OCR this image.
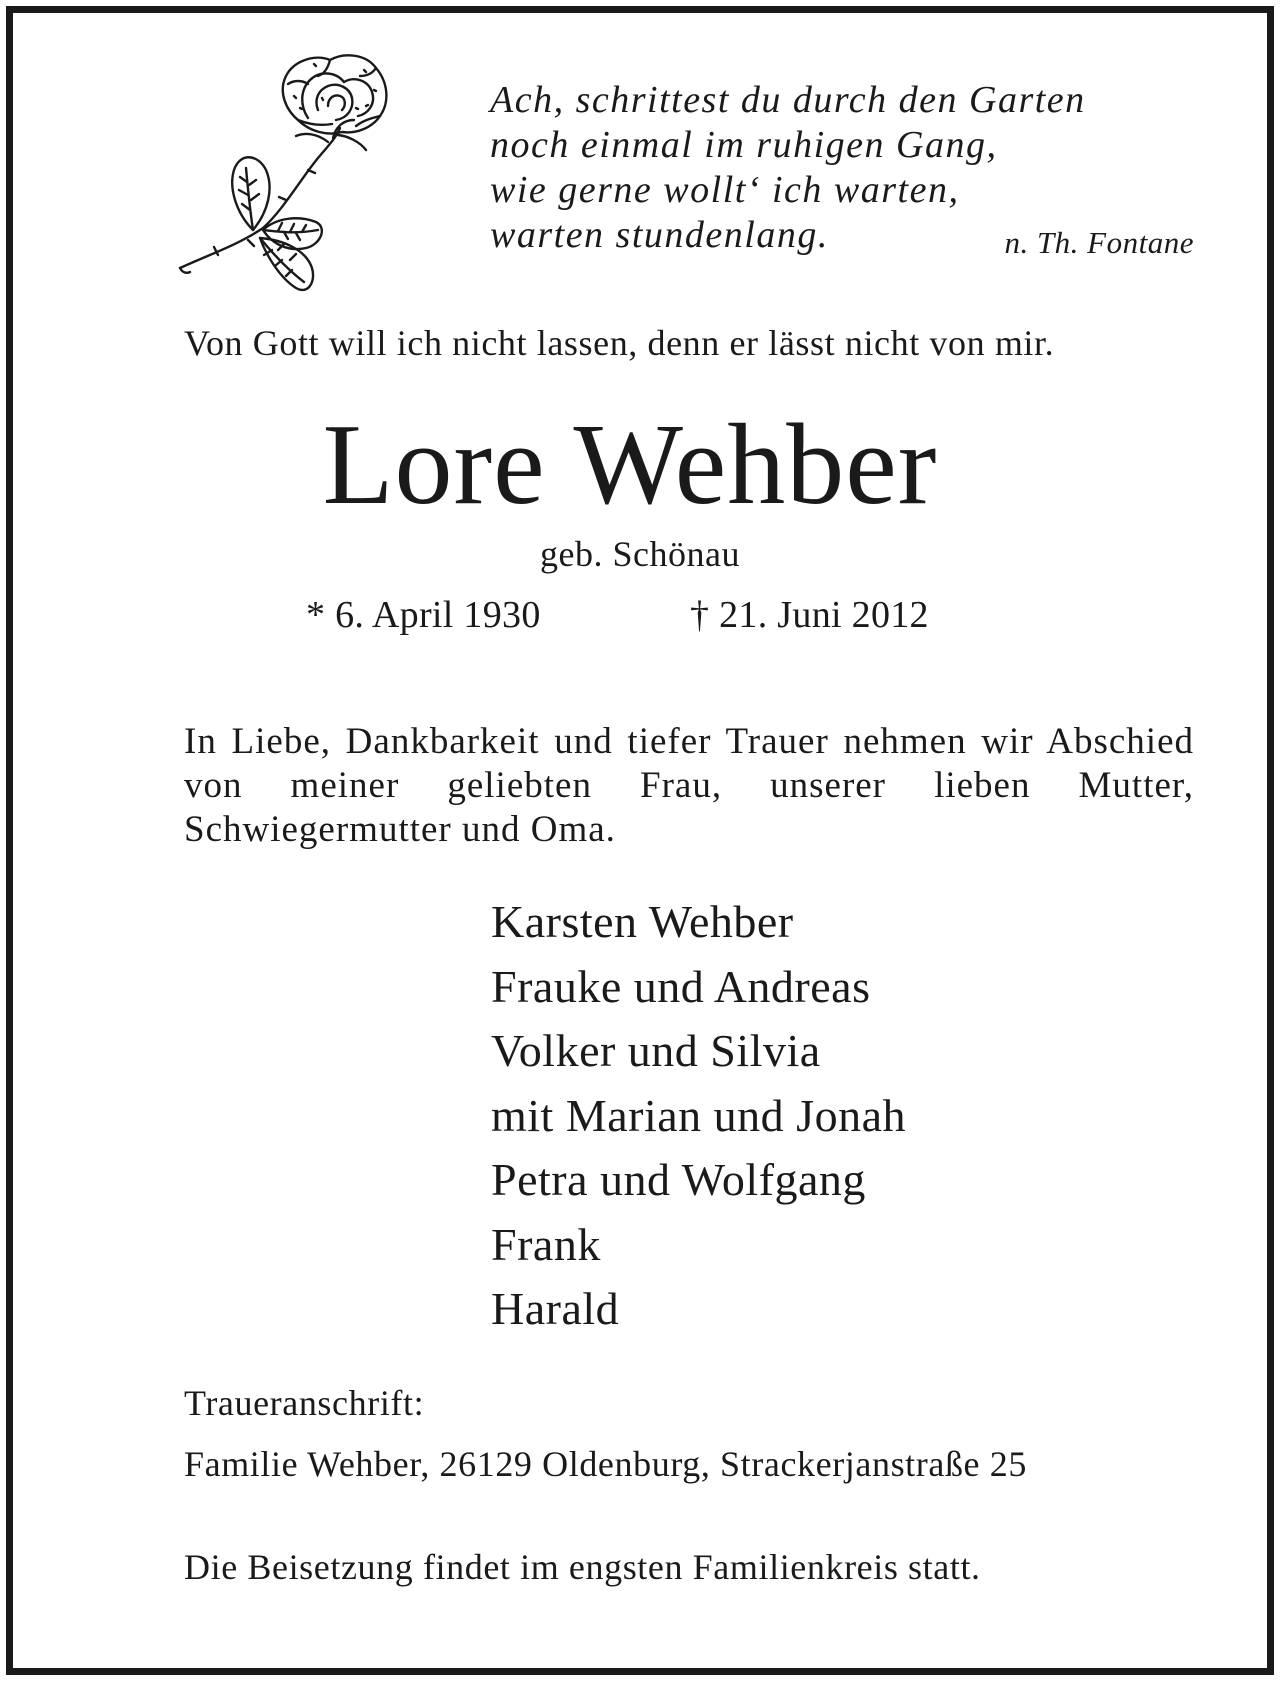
Ach, schrittest du durch den Garten
noch einmal im ruhigen Gang,
wie gerne wollt‘ ich warten,
warten stundenlang.	n. Th. Fontane
Von Gott will ich nicht lassen, denn er lässt nicht von mir.
Lore Wehber
geb. Schönau
* 6. April 1930	† 21. Juni 2012
In Liebe, Dankbarkeit und tiefer Trauer nehmen wir Abschied von meiner geliebten Frau, unserer lieben Mutter, Schwiegermutter und Oma.
Karsten Wehber
Frauke und Andreas
Volker und Silvia
mit Marian und Jonah
Petra und Wolfgang
Frank
Harald
Traueranschrift:
Familie Wehber, 26129 Oldenburg, Strackerjanstraße 25
Die Beisetzung findet im engsten Familienkreis statt.
